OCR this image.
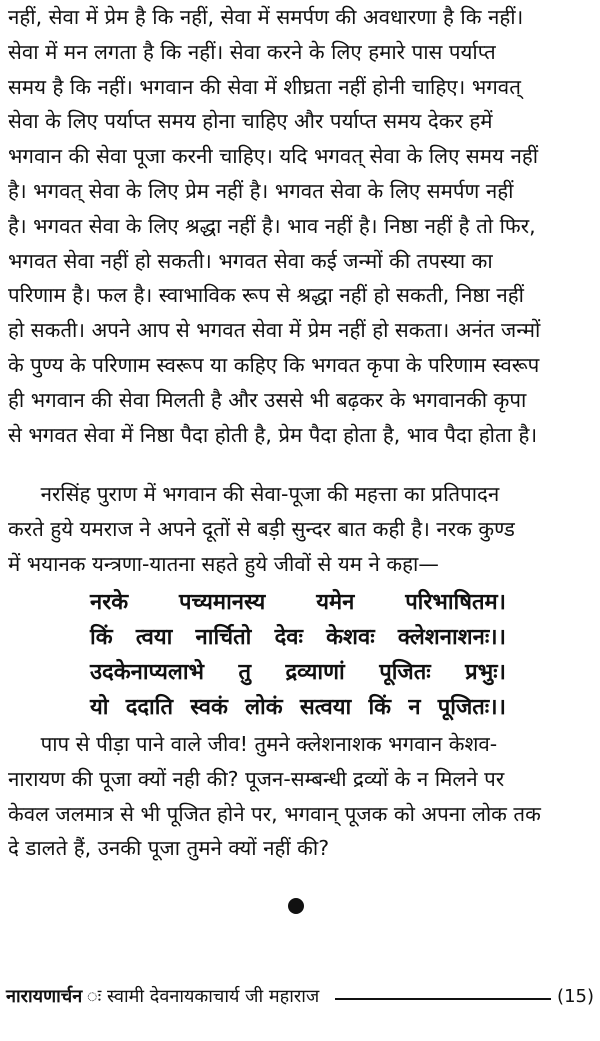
नहीं, सेवा में प्रेम है कि नहीं, सेवा में समर्पण की अवधारणा है कि नहीं।
सेवा में मन लगता है कि नहीं। सेवा करने के लिए हमारे पास पर्याप्त
समय है कि नहीं। भगवान की सेवा में शीघ्रता नहीं होनी चाहिए। भगवत्
सेवा के लिए पर्याप्त समय होना चाहिए और पर्याप्त समय देकर हमें
भगवान की सेवा पूजा करनी चाहिए। यदि भगवत् सेवा के लिए समय नहीं
है। भगवत् सेवा के लिए प्रेम नहीं है। भगवत सेवा के लिए समर्पण नहीं
है। भगवत सेवा के लिए श्रद्धा नहीं है। भाव नहीं है। निष्ठा नहीं है तो फिर,
भगवत सेवा नहीं हो सकती। भगवत सेवा कई जन्मों की तपस्या का
परिणाम है। फल है। स्वाभाविक रूप से श्रद्धा नहीं हो सकती, निष्ठा नहीं
हो सकती। अपने आप से भगवत सेवा में प्रेम नहीं हो सकता। अनंत जन्मों
के पुण्य के परिणाम स्वरूप या कहिए कि भगवत कृपा के परिणाम स्वरूप
ही भगवान की सेवा मिलती है और उससे भी बढ़कर के भगवानकी कृपा
से भगवत सेवा में निष्ठा पैदा होती है, प्रेम पैदा होता है, भाव पैदा होता है।
नरसिंह पुराण में भगवान की सेवा-पूजा की महत्ता का प्रतिपादन
करते हुये यमराज ने अपने दूतों से बड़ी सुन्दर बात कही है। नरक कुण्ड
में भयानक यन्त्रणा-यातना सहते हुये जीवों से यम ने कहा—
नरके पच्यमानस्य यमेन परिभाषितम।
किं त्वया नार्चितो देवः केशवः क्लेशनाशनः।।
उदकेनाप्यलाभे तु द्रव्याणां पूजितः प्रभुः।
यो ददाति स्वकं लोकं सत्वया किं न पूजितः।।
पाप से पीड़ा पाने वाले जीव! तुमने क्लेशनाशक भगवान केशव-
नारायण की पूजा क्यों नही की? पूजन-सम्बन्धी द्रव्यों के न मिलने पर
केवल जलमात्र से भी पूजित होने पर, भगवान् पूजक को अपना लोक तक
दे डालते हैं, उनकी पूजा तुमने क्यों नहीं की?
नारायणार्चन ः स्वामी देवनायकाचार्य जी महाराज	(15)
